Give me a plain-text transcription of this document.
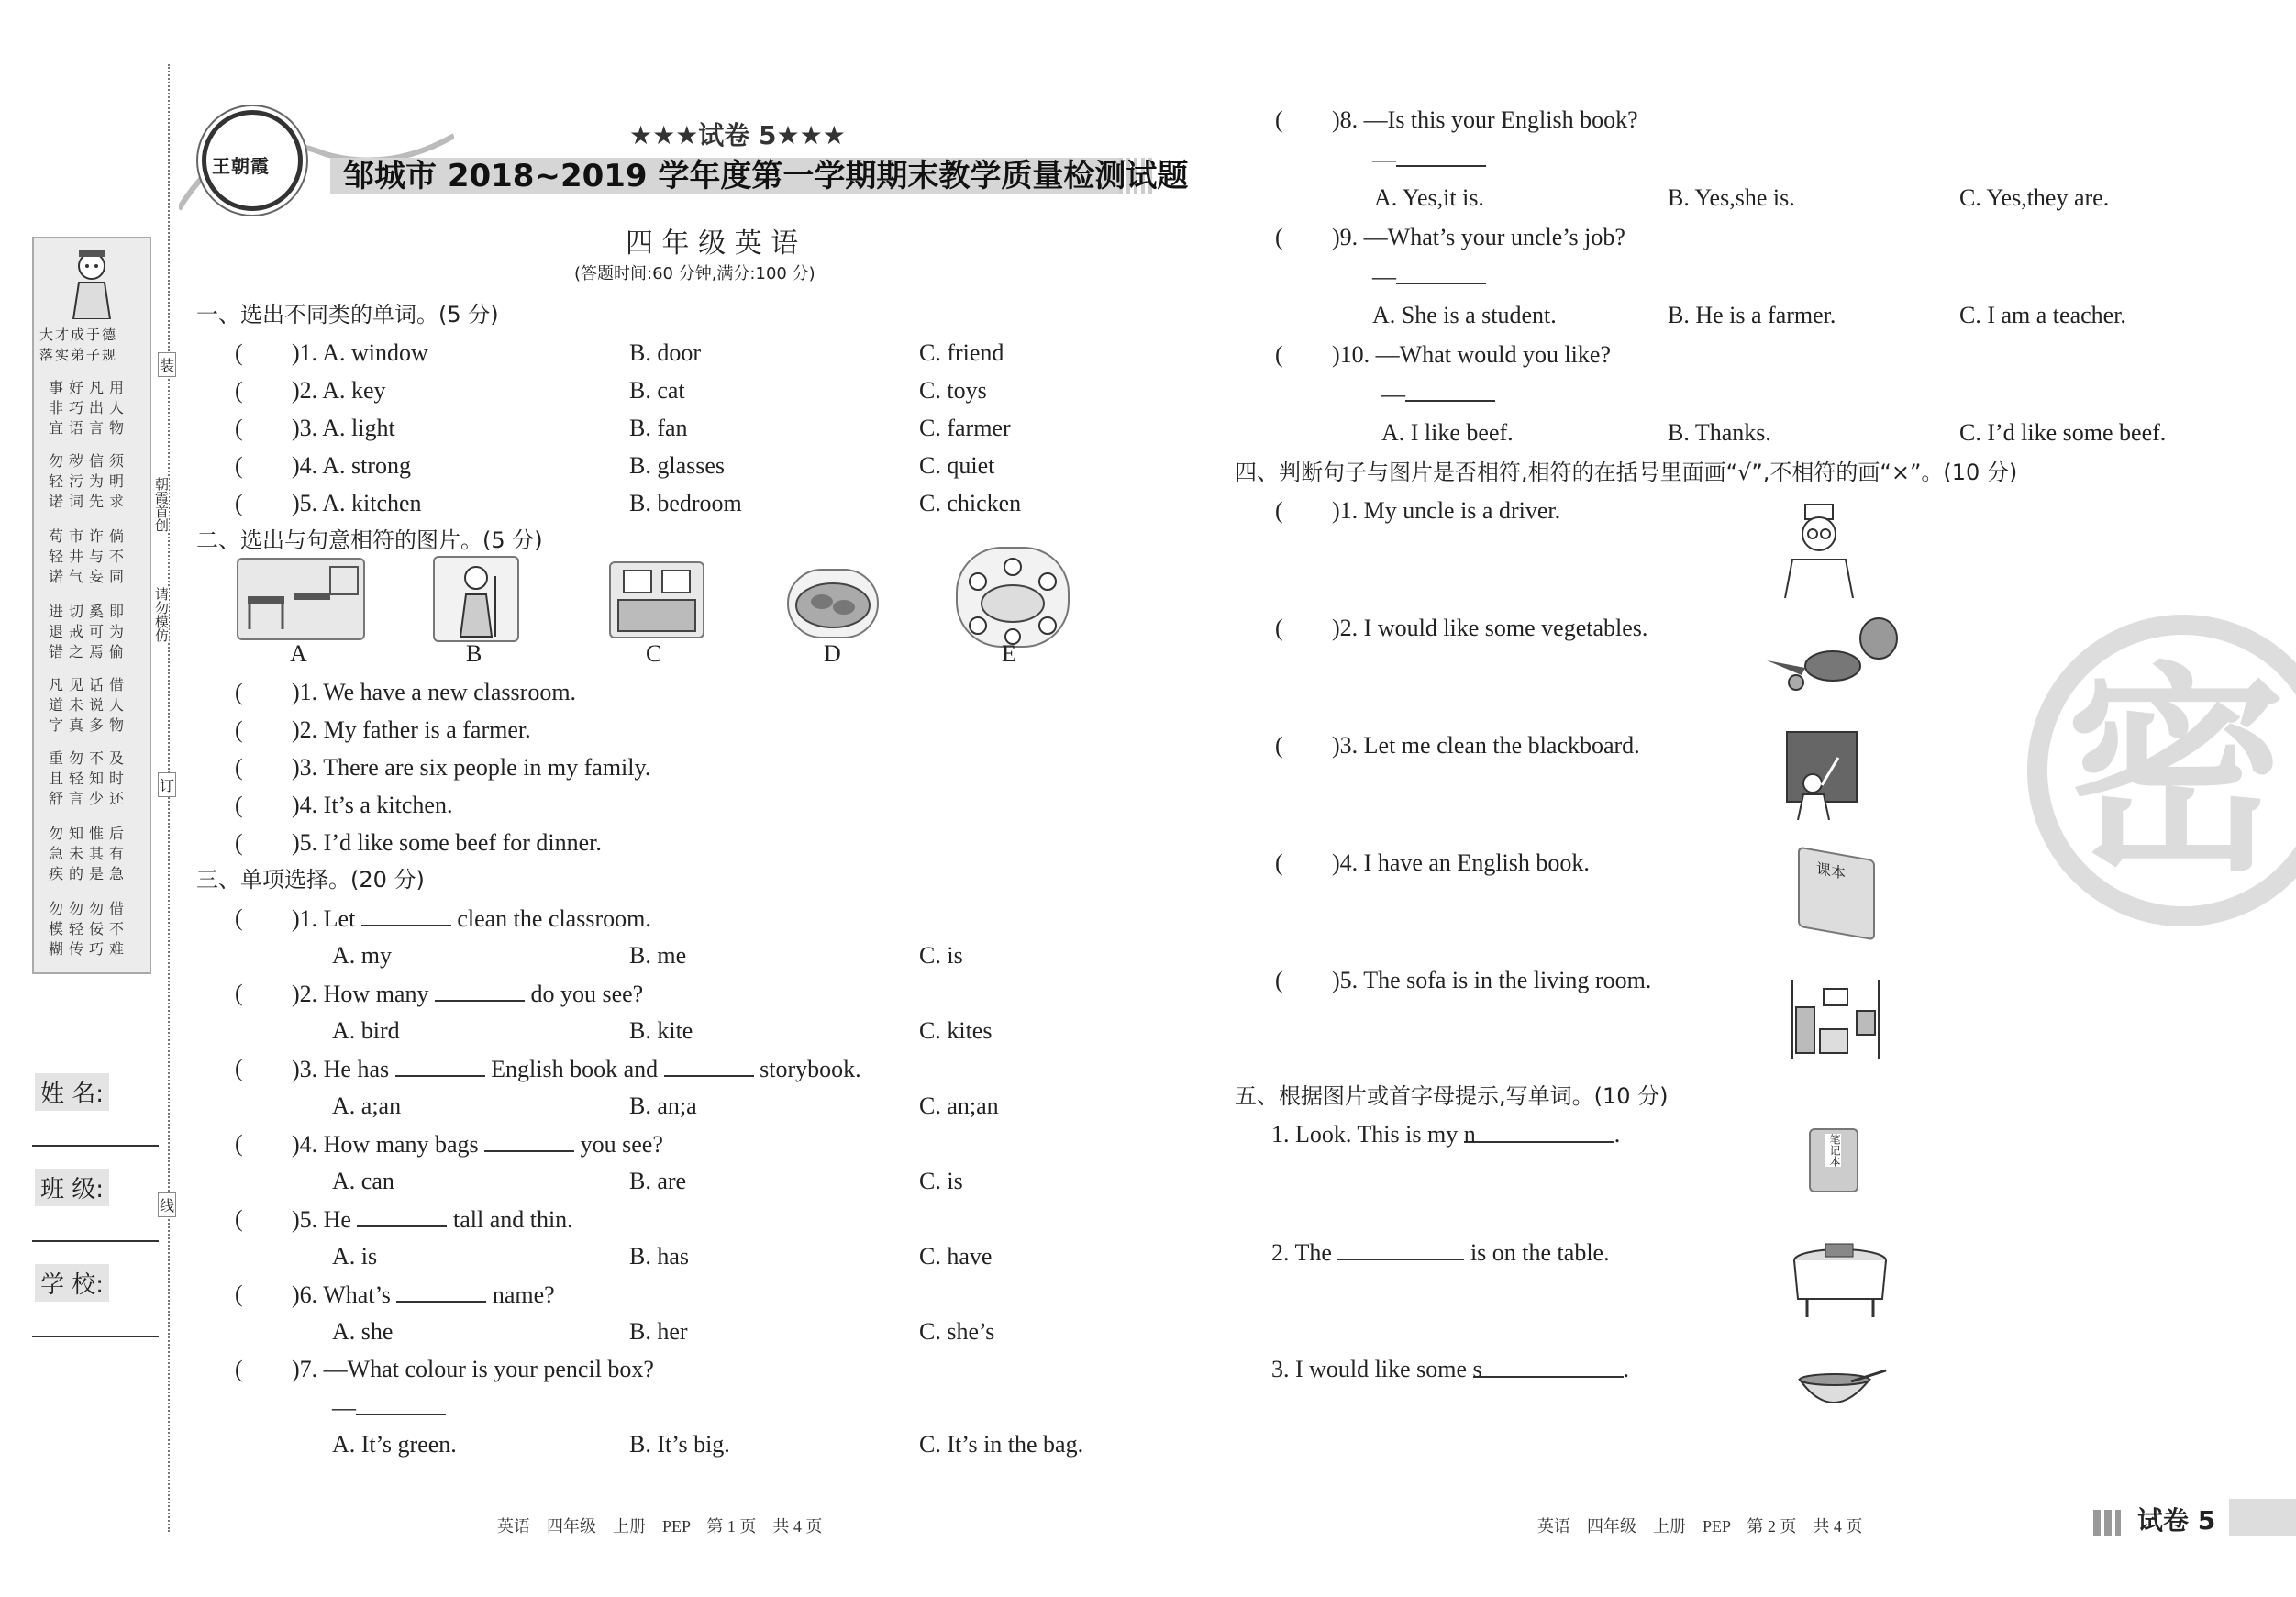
大才成于德
落实弟子规
事好凡用
非巧出人
宜语言物
勿秽信须
轻污为明
诺词先求
苟市诈倘
轻井与不
诺气妄同
进切奚即
退戒可为
错之焉偷
凡见话借
道未说人
字真多物
重勿不及
且轻知时
舒言少还
勿知惟后
急未其有
疾的是急
勿勿勿借
模轻佞不
糊传巧难
装
订
线
朝霞首创
请勿模仿
姓 名:
班 级:
学 校:
王朝霞
★★★试卷 5★★★
邹城市 2018~2019 学年度第一学期期末教学质量检测试题
四 年 级 英 语
(答题时间:60 分钟,满分:100 分)
一、选出不同类的单词。(5 分)
( )1. A. window	B. door	C. friend
( )2. A. key	B. cat	C. toys
( )3. A. light	B. fan	C. farmer
( )4. A. strong	B. glasses	C. quiet
( )5. A. kitchen	B. bedroom	C. chicken
二、选出与句意相符的图片。(5 分)
A	B	C	D	E
( )1. We have a new classroom.
( )2. My father is a farmer.
( )3. There are six people in my family.
( )4. It’s a kitchen.
( )5. I’d like some beef for dinner.
三、单项选择。(20 分)
( )1. Let	clean the classroom.
A. my	B. me	C. is
( )2. How many	do you see?
A. bird	B. kite	C. kites
( )3. He has	English book and	storybook.
A. a;an	B. an;a	C. an;an
( )4. How many bags	you see?
A. can	B. are	C. is
( )5. He	tall and thin.
A. is	B. has	C. have
( )6. What’s	name?
A. she	B. her	C. she’s
( )7. —What colour is your pencil box?
—
A. It’s green.	B. It’s big.	C. It’s in the bag.
英语　四年级　上册　PEP　第 1 页　共 4 页
( )8. —Is this your English book?
—
A. Yes,it is.	B. Yes,she is.	C. Yes,they are.
( )9. —What’s your uncle’s job?
—
A. She is a student.	B. He is a farmer.	C. I am a teacher.
( )10. —What would you like?
—
A. I like beef.	B. Thanks.	C. I’d like some beef.
四、判断句子与图片是否相符,相符的在括号里面画“√”,不相符的画“×”。(10 分)
( )1. My uncle is a driver.
( )2. I would like some vegetables.
( )3. Let me clean the blackboard.
( )4. I have an English book.	课本
( )5. The sofa is in the living room.
五、根据图片或首字母提示,写单词。(10 分)
1. Look. This is my n	.	笔记本
2. The	is on the table.
3. I would like some s	.
密
英语　四年级　上册　PEP　第 2 页　共 4 页	试卷 5
